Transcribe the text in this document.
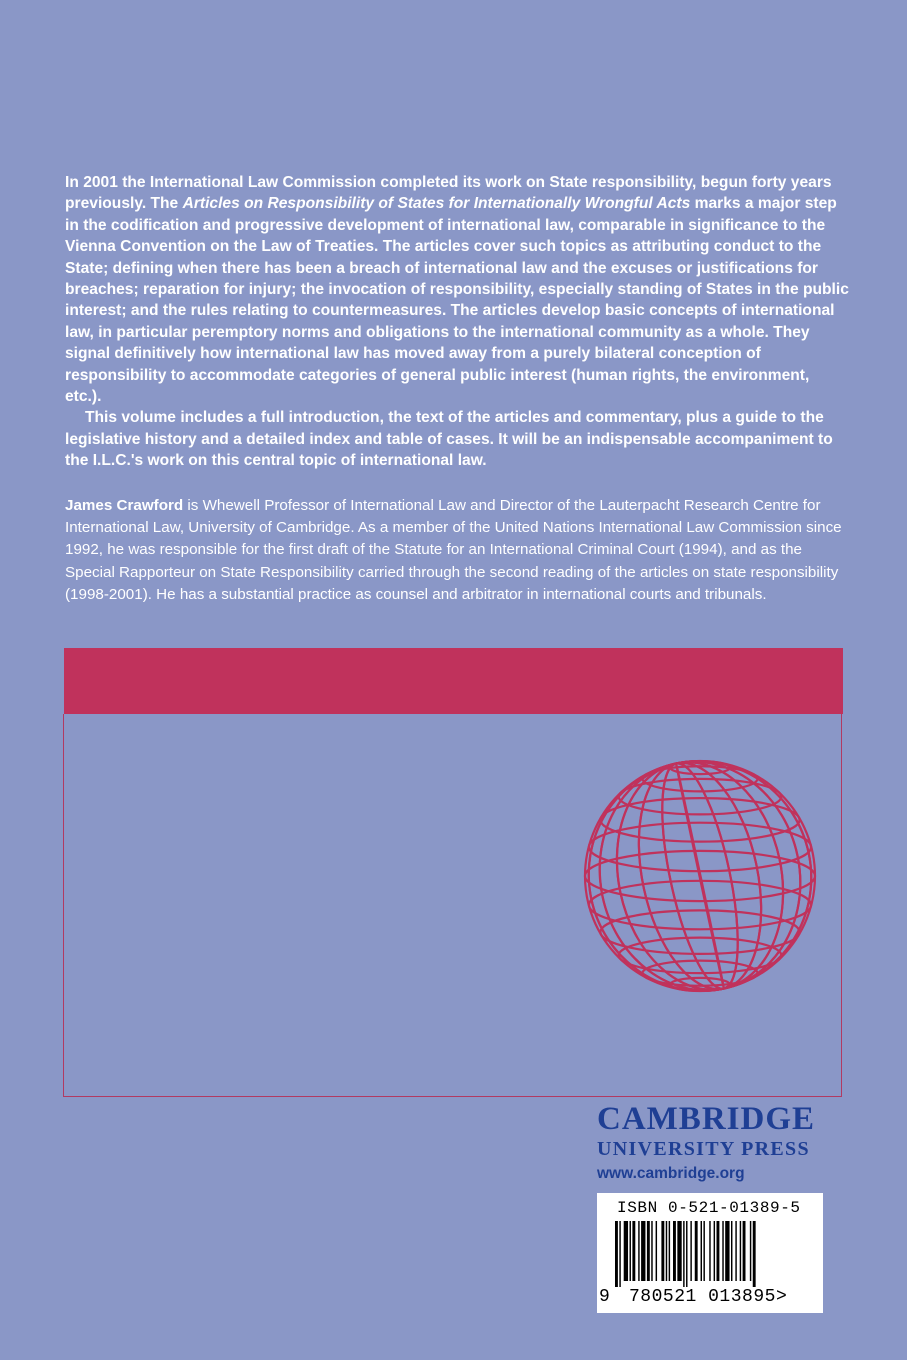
In 2001 the International Law Commission completed its work on State responsibility, begun forty years previously. The Articles on Responsibility of States for Internationally Wrongful Acts marks a major step in the codification and progressive development of international law, comparable in significance to the Vienna Convention on the Law of Treaties. The articles cover such topics as attributing conduct to the State; defining when there has been a breach of international law and the excuses or justifications for breaches; reparation for injury; the invocation of responsibility, especially standing of States in the public interest; and the rules relating to countermeasures. The articles develop basic concepts of international law, in particular peremptory norms and obligations to the international community as a whole. They signal definitively how international law has moved away from a purely bilateral conception of responsibility to accommodate categories of general public interest (human rights, the environment, etc.).

This volume includes a full introduction, the text of the articles and commentary, plus a guide to the legislative history and a detailed index and table of cases. It will be an indispensable accompaniment to the I.L.C.'s work on this central topic of international law.

James Crawford is Whewell Professor of International Law and Director of the Lauterpacht Research Centre for International Law, University of Cambridge. As a member of the United Nations International Law Commission since 1992, he was responsible for the first draft of the Statute for an International Criminal Court (1994), and as the Special Rapporteur on State Responsibility carried through the second reading of the articles on state responsibility (1998-2001). He has a substantial practice as counsel and arbitrator in international courts and tribunals.
CAMBRIDGE
UNIVERSITY PRESS
www.cambridge.org
ISBN 0-521-01389-5
9 780521 013895>
